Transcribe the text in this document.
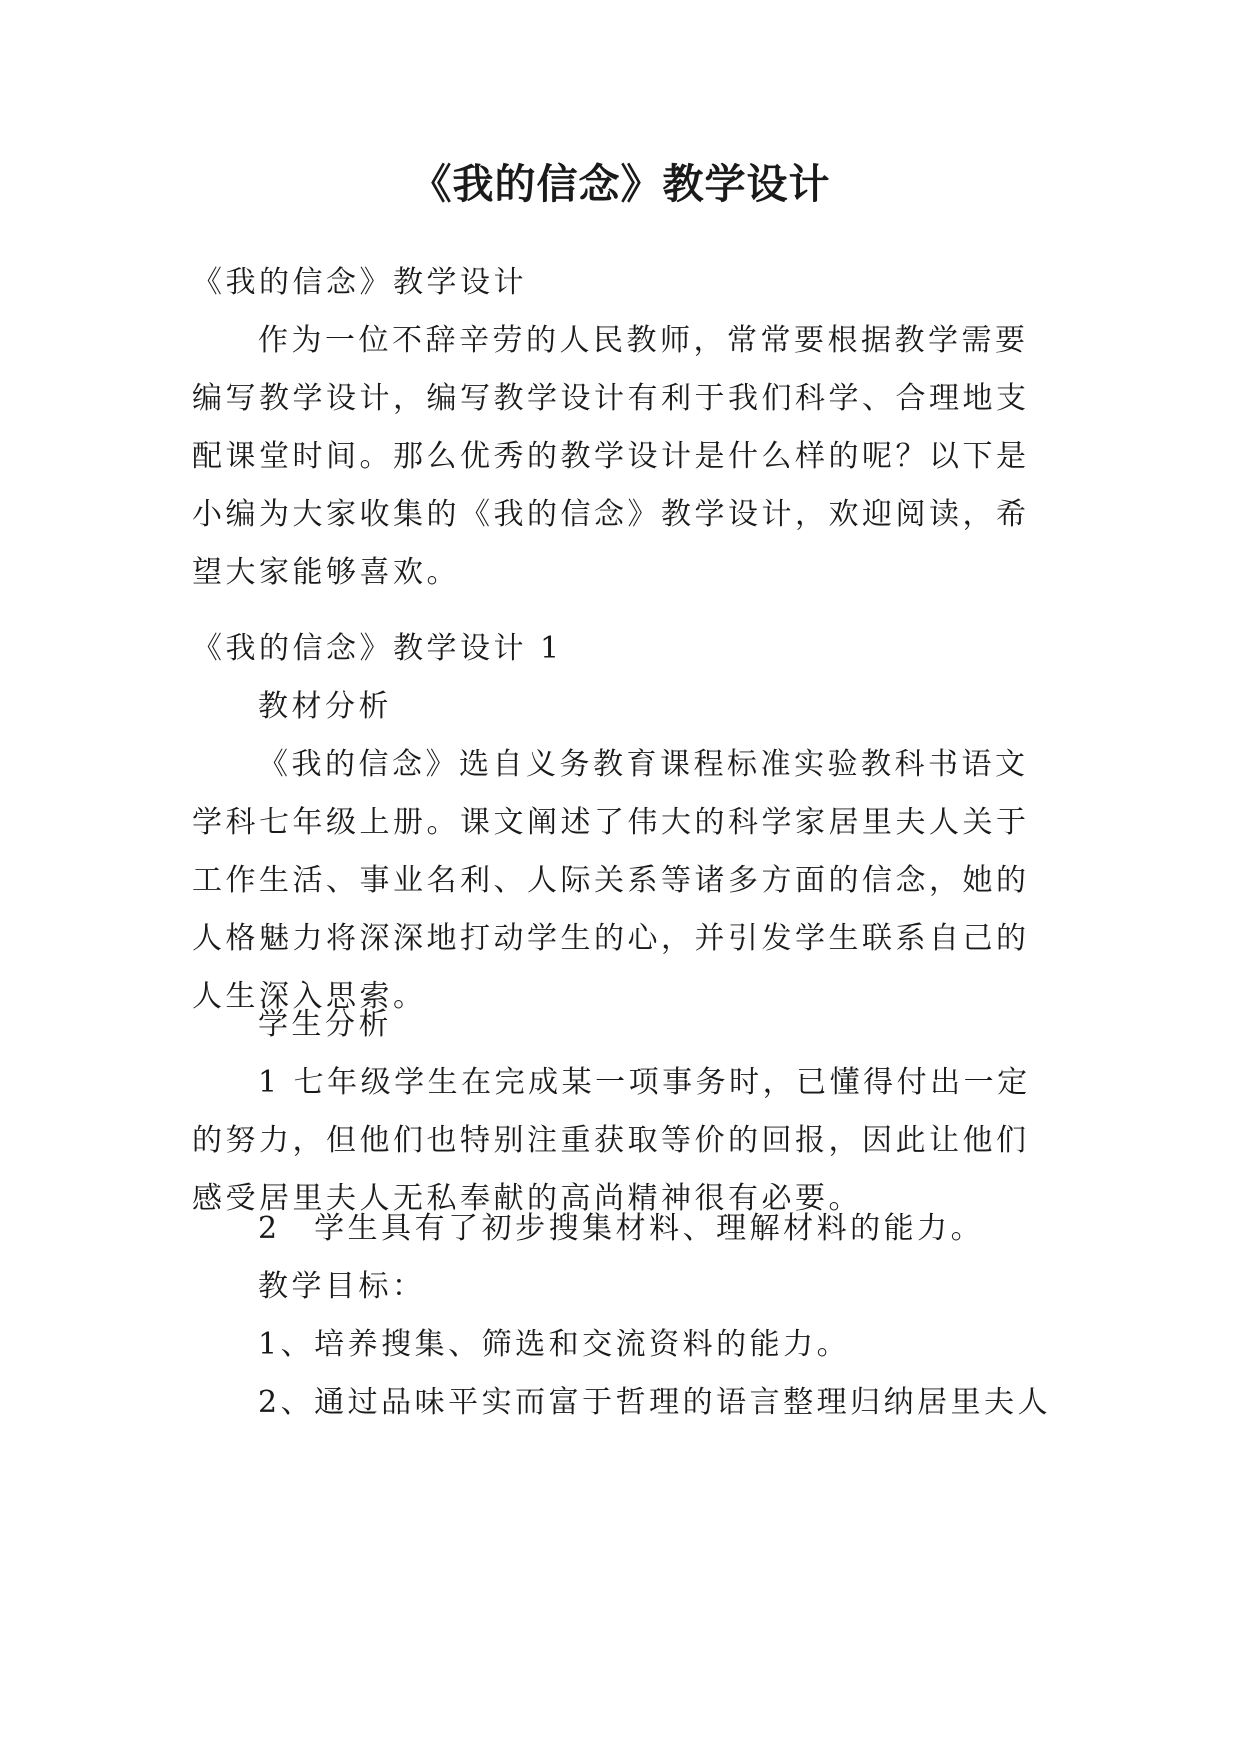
《我的信念》教学设计

《我的信念》教学设计

作为一位不辞辛劳的人民教师，常常要根据教学需要编写教学设计，编写教学设计有利于我们科学、合理地支配课堂时间。那么优秀的教学设计是什么样的呢？以下是小编为大家收集的《我的信念》教学设计，欢迎阅读，希望大家能够喜欢。

《我的信念》教学设计 1

教材分析

《我的信念》选自义务教育课程标准实验教科书语文学科七年级上册。课文阐述了伟大的科学家居里夫人关于工作生活、事业名利、人际关系等诸多方面的信念，她的人格魅力将深深地打动学生的心，并引发学生联系自己的人生深入思索。

学生分析

1 七年级学生在完成某一项事务时，已懂得付出一定的努力，但他们也特别注重获取等价的回报，因此让他们感受居里夫人无私奉献的高尚精神很有必要。

2　学生具有了初步搜集材料、理解材料的能力。

教学目标：

1、培养搜集、筛选和交流资料的能力。

2、通过品味平实而富于哲理的语言整理归纳居里夫人
